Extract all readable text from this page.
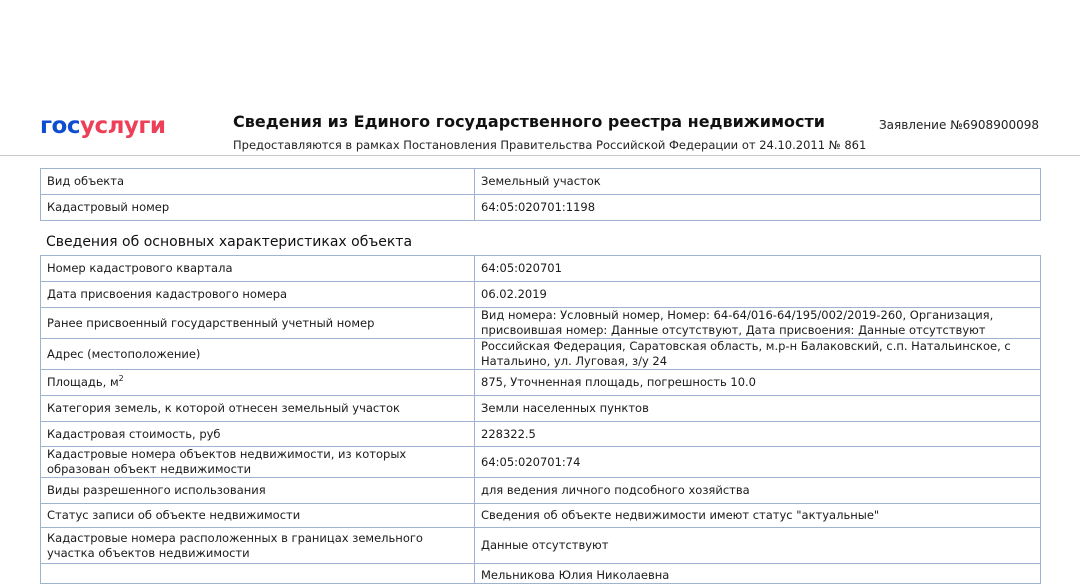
госуслуги	Сведения из Единого государственного реестра недвижимости
Предоставляются в рамках Постановления Правительства Российской Федерации от 24.10.2011 № 861
Заявление №6908900098
Вид объекта	Земельный участок
Кадастровый номер	64:05:020701:1198
Сведения об основных характеристиках объекта
Номер кадастрового квартала	64:05:020701
Дата присвоения кадастрового номера	06.02.2019
Ранее присвоенный государственный учетный номер	Вид номера: Условный номер, Номер: 64-64/016-64/195/002/2019-260, Организация, присвоившая номер: Данные отсутствуют, Дата присвоения: Данные отсутствуют
Адрес (местоположение)	Российская Федерация, Саратовская область, м.р-н Балаковский, с.п. Натальинское, с Натальино, ул. Луговая, з/у 24
Площадь, $м^2$	875, Уточненная площадь, погрешность 10.0
Категория земель, к которой отнесен земельный участок	Земли населенных пунктов
Кадастровая стоимость, руб	228322.5
Кадастровые номера объектов недвижимости, из которых образован объект недвижимости	64:05:020701:74
Виды разрешенного использования	для ведения личного подсобного хозяйства
Статус записи об объекте недвижимости	Сведения об объекте недвижимости имеют статус "актуальные"
Кадастровые номера расположенных в границах земельного участка объектов недвижимости	Данные отсутствуют
	Мельникова Юлия Николаевна
